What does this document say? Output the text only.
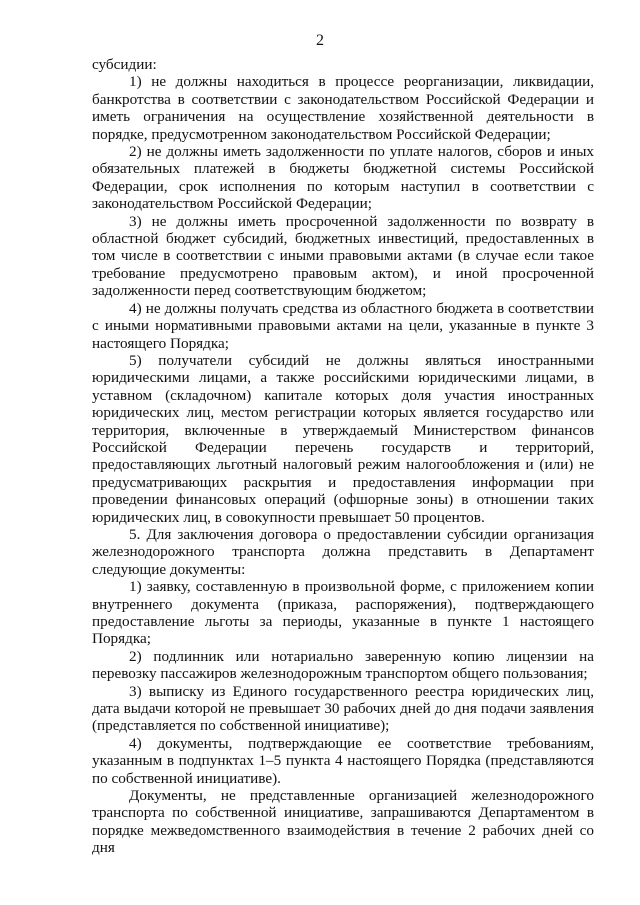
2

субсидии:

1) не должны находиться в процессе реорганизации, ликвидации, банкротства в соответствии с законодательством Российской Федерации и иметь ограничения на осуществление хозяйственной деятельности в порядке, предусмотренном законодательством Российской Федерации;

2) не должны иметь задолженности по уплате налогов, сборов и иных обязательных платежей в бюджеты бюджетной системы Российской Федерации, срок исполнения по которым наступил в соответствии с законодательством Российской Федерации;

3) не должны иметь просроченной задолженности по возврату в областной бюджет субсидий, бюджетных инвестиций, предоставленных в том числе в соответствии с иными правовыми актами (в случае если такое требование предусмотрено правовым актом), и иной просроченной задолженности перед соответствующим бюджетом;

4) не должны получать средства из областного бюджета в соответствии с иными нормативными правовыми актами на цели, указанные в пункте 3 настоящего Порядка;

5) получатели субсидий не должны являться иностранными юридическими лицами, а также российскими юридическими лицами, в уставном (складочном) капитале которых доля участия иностранных юридических лиц, местом регистрации которых является государство или территория, включенные в утверждаемый Министерством финансов Российской Федерации перечень государств и территорий, предоставляющих льготный налоговый режим налогообложения и (или) не предусматривающих раскрытия и предоставления информации при проведении финансовых операций (офшорные зоны) в отношении таких юридических лиц, в совокупности превышает 50 процентов.

5. Для заключения договора о предоставлении субсидии организация железнодорожного транспорта должна представить в Департамент следующие документы:

1) заявку, составленную в произвольной форме, с приложением копии внутреннего документа (приказа, распоряжения), подтверждающего предоставление льготы за периоды, указанные в пункте 1 настоящего Порядка;

2) подлинник или нотариально заверенную копию лицензии на перевозку пассажиров железнодорожным транспортом общего пользования;

3) выписку из Единого государственного реестра юридических лиц, дата выдачи которой не превышает 30 рабочих дней до дня подачи заявления (представляется по собственной инициативе);

4) документы, подтверждающие ее соответствие требованиям, указанным в подпунктах 1–5 пункта 4 настоящего Порядка (представляются по собственной инициативе).

Документы, не представленные организацией железнодорожного транспорта по собственной инициативе, запрашиваются Департаментом в порядке межведомственного взаимодействия в течение 2 рабочих дней со дня
